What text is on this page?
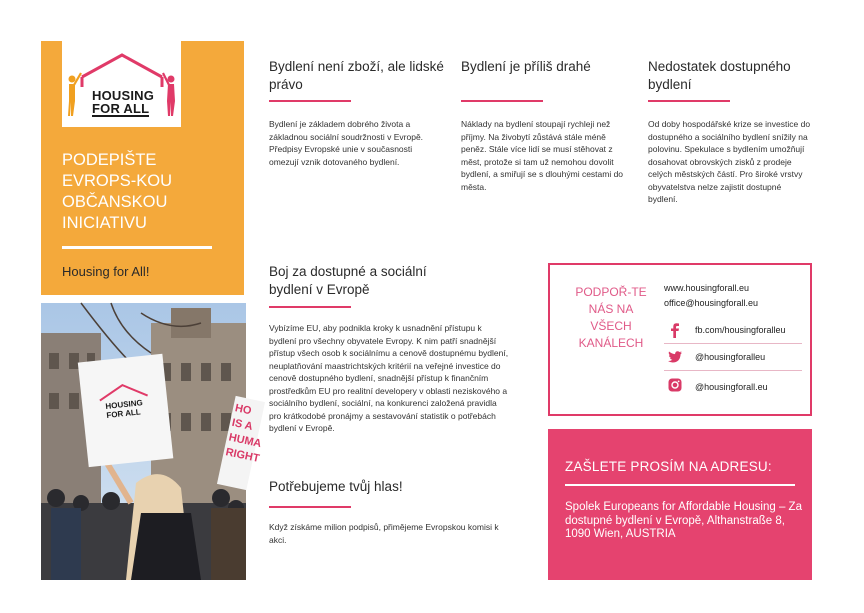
HOUSING
FOR ALL
PODEPIŠTE EVROPS-KOU OBČANSKOU INICIATIVU
Housing for All!
HOUSING
FOR ALL	HO
IS A
HUMA
RIGHT
Bydlení není zboží, ale lidské právo
Bydlení je základem dobrého života a základnou sociální soudržnosti v Evropě. Předpisy Evropské unie v současnosti omezují vznik dotovaného bydlení.
Bydlení je příliš drahé
Náklady na bydlení stoupají rychleji než příjmy. Na živobytí zůstává stále méně peněz. Stále více lidí se musí stěhovat z měst, protože si tam už nemohou dovolit bydlení, a smiřují se s dlouhými cestami do města.
Nedostatek dostupného bydlení
Od doby hospodářské krize se investice do dostupného a sociálního bydlení snížily na polovinu. Spekulace s bydlením umožňují dosahovat obrovských zisků z prodeje celých městských částí. Pro široké vrstvy obyvatelstva nelze zajistit dostupné bydlení.
Boj za dostupné a sociální bydlení v Evropě
Vybízíme EU, aby podnikla kroky k usnadnění přístupu k bydlení pro všechny obyvatele Evropy. K nim patří snadnější přístup všech osob k sociálnímu a cenově dostupnému bydlení, neuplatňování maastrichtských kritérií na veřejné investice do cenově dostupného bydlení, snadnější přístup k finančním prostředkům EU pro realitní developery v oblasti neziskového a sociálního bydlení, sociální, na konkurenci založená pravidla pro krátkodobé pronájmy a sestavování statistik o potřebách bydlení v Evropě.
Potřebujeme tvůj hlas!
Když získáme milion podpisů, přiměјeme Evropskou komisi k akci.
PODPOŘ-TE NÁS NA VŠECH KANÁLECH
www.housingforall.eu
office@housingforall.eu
fb.com/housingforalleu
@housingforalleu
@housingforall.eu
ZAŠLETE PROSÍM NA ADRESU:
Spolek Europeans for Affordable Housing – Za dostupné bydlení v Evropě, Althanstraße 8, 1090 Wien, AUSTRIA
